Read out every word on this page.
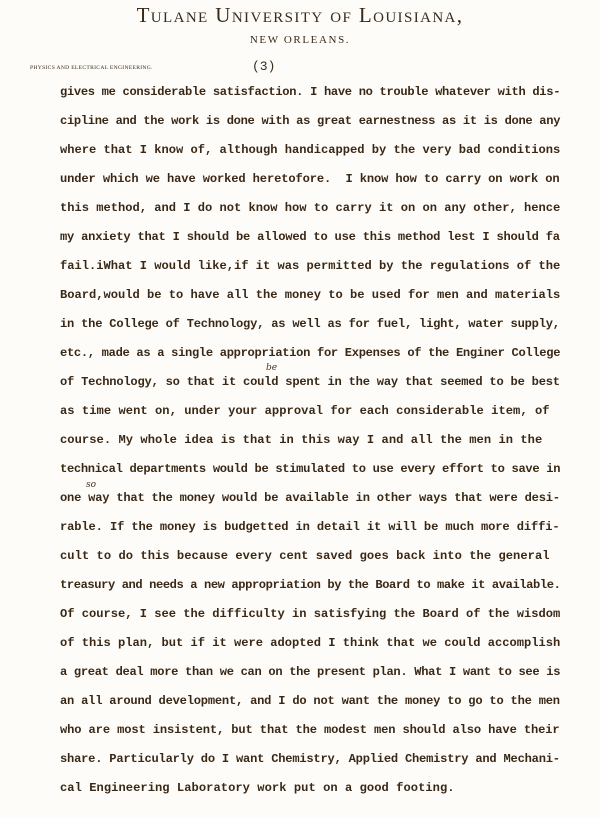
Tulane University of Louisiana,
NEW ORLEANS.
PHYSICS AND ELECTRICAL ENGINEERING.	(3)
gives me considerable satisfaction. I have no trouble whatever with dis-
cipline and the work is done with as great earnestness as it is done any
where that I know of, although handicapped by the very bad conditions
under which we have worked heretofore.  I know how to carry on work on
this method, and I do not know how to carry it on on any other, hence
my anxiety that I should be allowed to use this method lest I should fa
fail.iWhat I would like,if it was permitted by the regulations of the
Board,would be to have all the money to be used for men and materials
in the College of Technology, as well as for fuel, light, water supply,
etc., made as a single appropriation for Expenses of the Enginer College
of Technology, so that it could spent in the way that seemed to be best
as time went on, under your approval for each considerable item, of
course. My whole idea is that in this way I and all the men in the
technical departments would be stimulated to use every effort to save in
one way that the money would be available in other ways that were desi-
rable. If the money is budgetted in detail it will be much more diffi-
cult to do this because every cent saved goes back into the general
treasury and needs a new appropriation by the Board to make it available.
Of course, I see the difficulty in satisfying the Board of the wisdom
of this plan, but if it were adopted I think that we could accomplish
a great deal more than we can on the present plan. What I want to see is
an all around development, and I do not want the money to go to the men
who are most insistent, but that the modest men should also have their
share. Particularly do I want Chemistry, Applied Chemistry and Mechani-
cal Engineering Laboratory work put on a good footing.
be
so
